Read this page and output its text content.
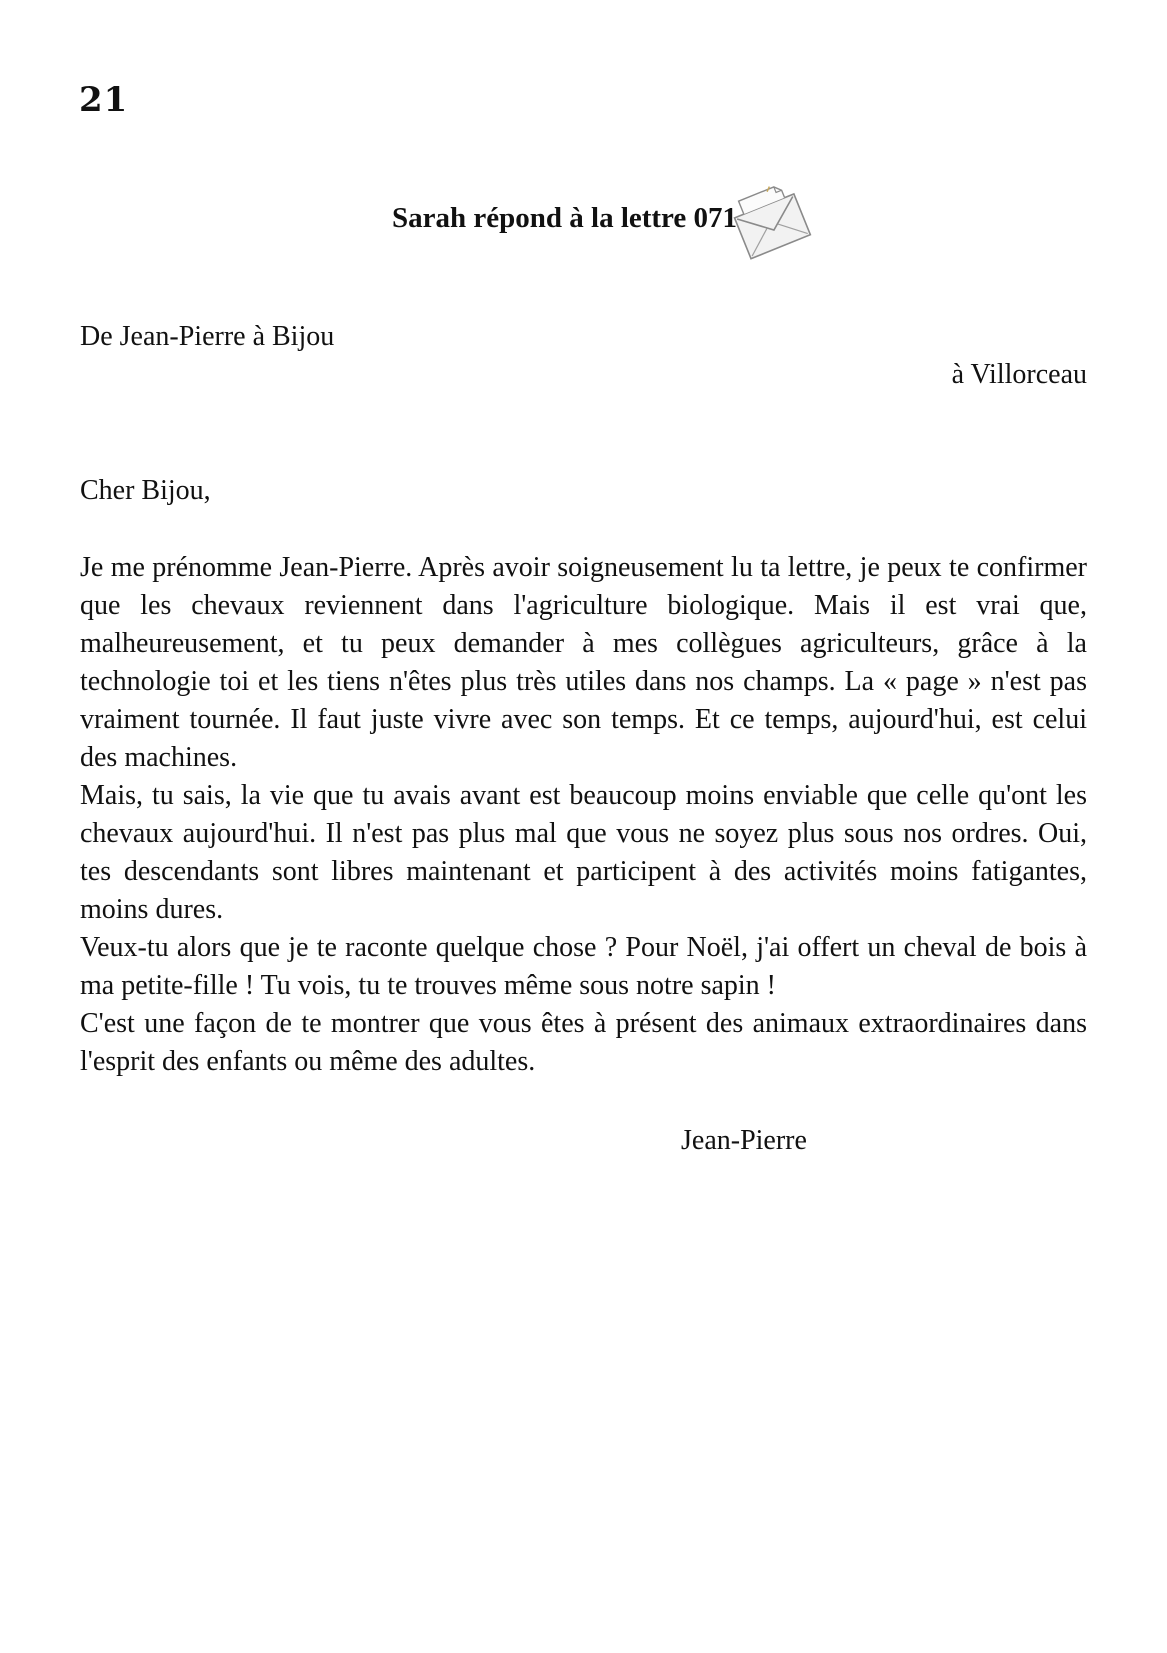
21
Sarah répond à la lettre 071
De Jean-Pierre à Bijou
à Villorceau
Cher Bijou,

Je me prénomme Jean-Pierre. Après avoir soigneusement lu ta lettre, je peux te confirmer que les chevaux reviennent dans l'agriculture biologique. Mais il est vrai que, malheureusement, et tu peux demander à mes collègues agriculteurs, grâce à la technologie toi et les tiens n'êtes plus très utiles dans nos champs. La « page » n'est pas vraiment tournée. Il faut juste vivre avec son temps. Et ce temps, aujourd'hui, est celui des machines.

Mais, tu sais, la vie que tu avais avant est beaucoup moins enviable que celle qu'ont les chevaux aujourd'hui. Il n'est pas plus mal que vous ne soyez plus sous nos ordres. Oui, tes descendants sont libres maintenant et participent à des activités moins fatigantes, moins dures.

Veux-tu alors que je te raconte quelque chose ? Pour Noël, j'ai offert un cheval de bois à ma petite-fille ! Tu vois, tu te trouves même sous notre sapin !

C'est une façon de te montrer que vous êtes à présent des animaux extraordinaires dans l'esprit des enfants ou même des adultes.

Jean-Pierre
